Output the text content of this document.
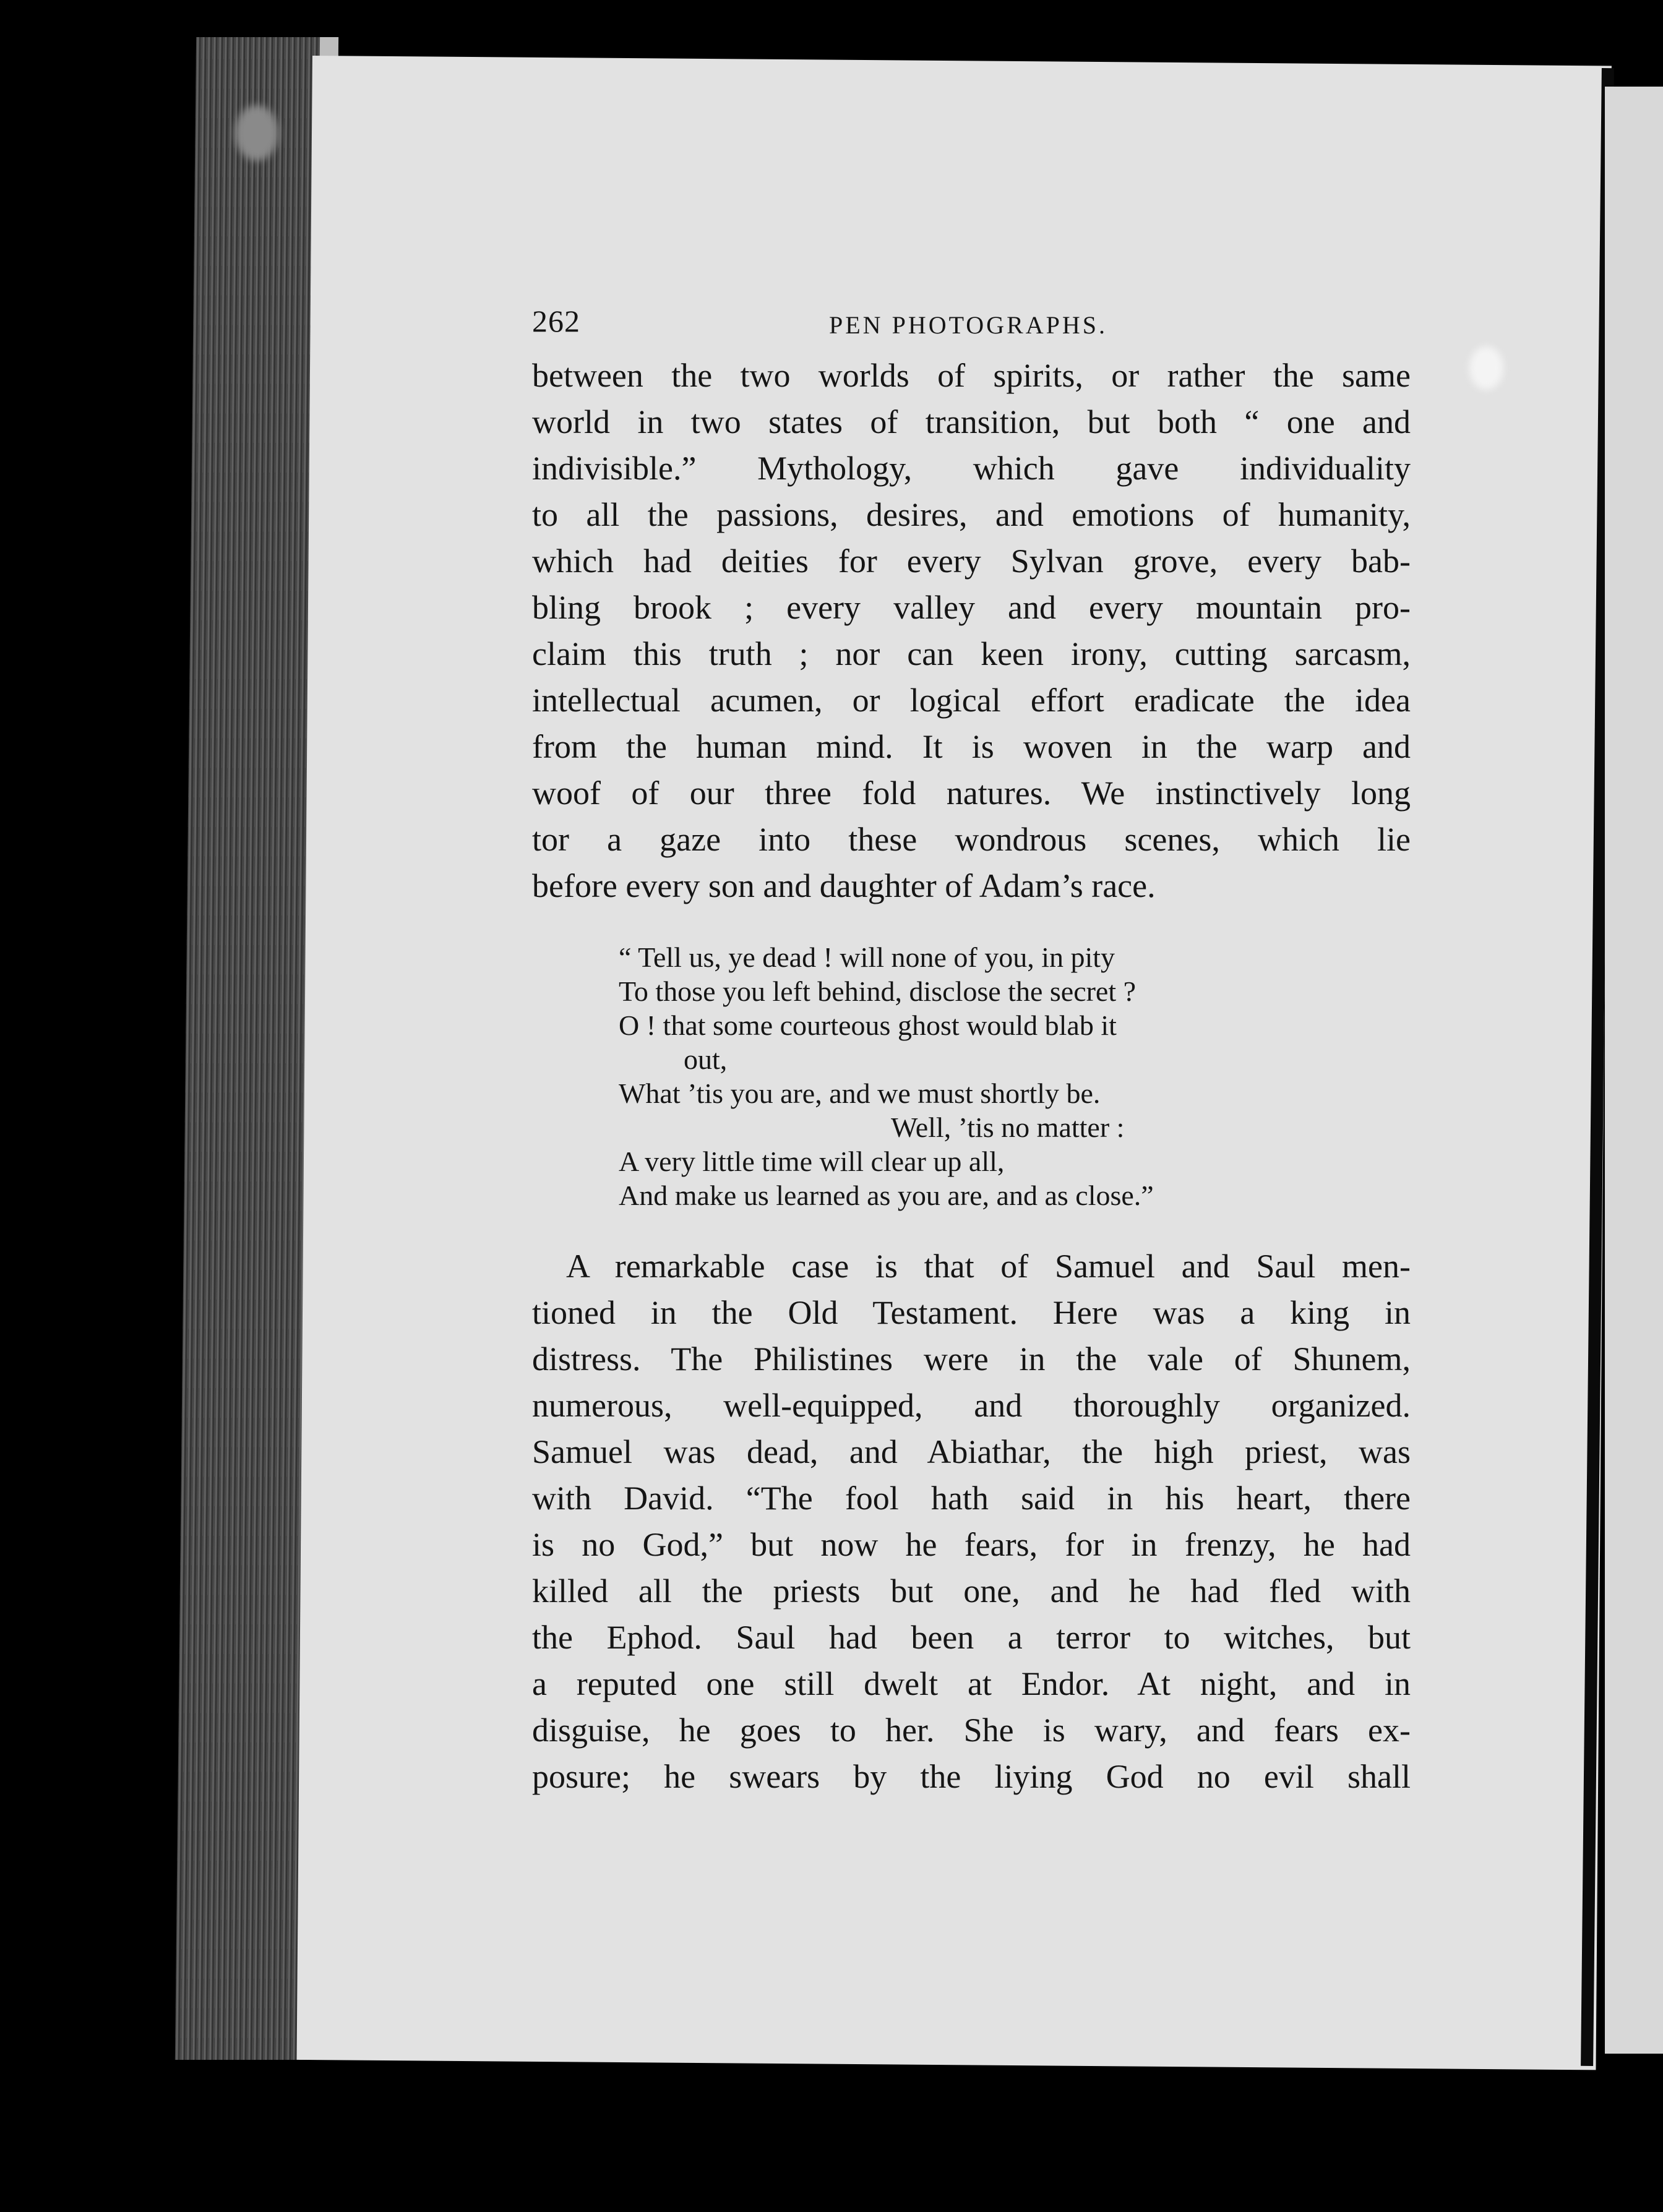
262	PEN PHOTOGRAPHS.

between the two worlds of spirits, or rather the same
world in two states of transition, but both “ one and
indivisible.” Mythology, which gave individuality
to all the passions, desires, and emotions of humanity,
which had deities for every Sylvan grove, every bab-
bling brook ; every valley and every mountain pro-
claim this truth ; nor can keen irony, cutting sarcasm,
intellectual acumen, or logical effort eradicate the idea
from the human mind. It is woven in the warp and
woof of our three fold natures. We instinctively long
tor a gaze into these wondrous scenes, which lie
before every son and daughter of Adam’s race.

“ Tell us, ye dead ! will none of you, in pity
To those you left behind, disclose the secret ?
O ! that some courteous ghost would blab it
out,
What ’tis you are, and we must shortly be.
Well, ’tis no matter :
A very little time will clear up all,
And make us learned as you are, and as close.”

A remarkable case is that of Samuel and Saul men-
tioned in the Old Testament. Here was a king in
distress. The Philistines were in the vale of Shunem,
numerous, well-equipped, and thoroughly organized.
Samuel was dead, and Abiathar, the high priest, was
with David. “The fool hath said in his heart, there
is no God,” but now he fears, for in frenzy, he had
killed all the priests but one, and he had fled with
the Ephod. Saul had been a terror to witches, but
a reputed one still dwelt at Endor. At night, and in
disguise, he goes to her. She is wary, and fears ex-
posure; he swears by the liying God no evil shall
